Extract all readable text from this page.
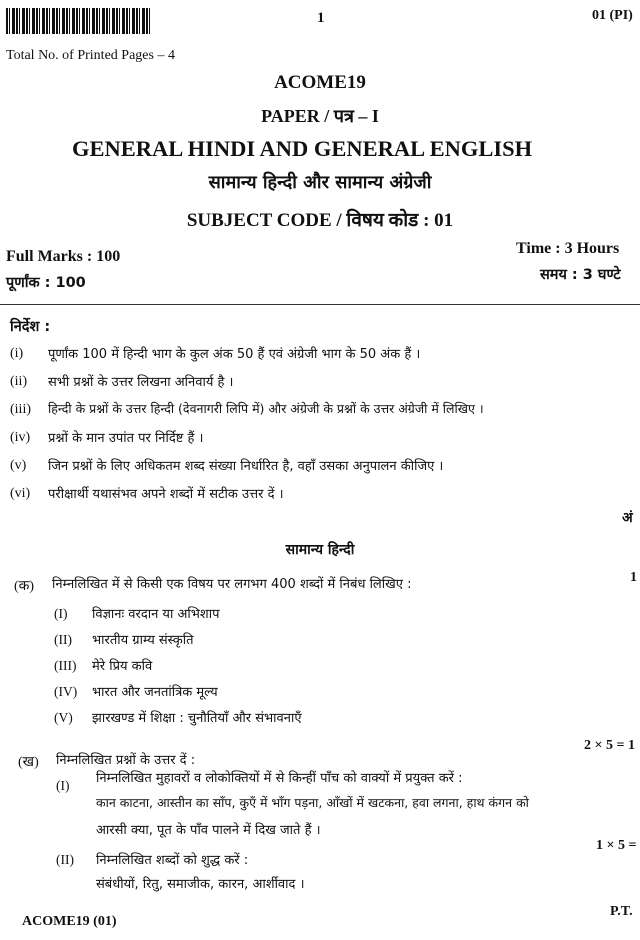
1	01 (PI)
Total No. of Printed Pages – 4
ACOME19
PAPER / पत्र – I
GENERAL HINDI AND GENERAL ENGLISH
सामान्य हिन्दी और सामान्य अंग्रेजी
SUBJECT CODE / विषय कोड : 01
Full Marks : 100
पूर्णांक : 100
Time : 3 Hours
समय : 3 घण्टे
निर्देश :
(i) पूर्णांक 100 में हिन्दी भाग के कुल अंक 50 हैं एवं अंग्रेजी भाग के 50 अंक हैं ।
(ii) सभी प्रश्नों के उत्तर लिखना अनिवार्य है ।
(iii) हिन्दी के प्रश्नों के उत्तर हिन्दी (देवनागरी लिपि में) और अंग्रेजी के प्रश्नों के उत्तर अंग्रेजी में लिखिए ।
(iv) प्रश्नों के मान उपांत पर निर्दिष्ट हैं ।
(v) जिन प्रश्नों के लिए अधिकतम शब्द संख्या निर्धारित है, वहाँ उसका अनुपालन कीजिए ।
(vi) परीक्षार्थी यथासंभव अपने शब्दों में सटीक उत्तर दें ।
अं
सामान्य हिन्दी
(क) निम्नलिखित में से किसी एक विषय पर लगभग 400 शब्दों में निबंध लिखिए :	1
(I) विज्ञानः वरदान या अभिशाप
(II) भारतीय ग्राम्य संस्कृति
(III) मेरे प्रिय कवि
(IV) भारत और जनतांत्रिक मूल्य
(V) झारखण्ड में शिक्षा : चुनौतियाँ और संभावनाएँ
(ख) निम्नलिखित प्रश्नों के उत्तर दें :
2 × 5 = 1
(I) निम्नलिखित मुहावरों व लोकोक्तियों में से किन्हीं पाँच को वाक्यों में प्रयुक्त करें :
कान काटना, आस्तीन का साँप, कुएँ में भाँग पड़ना, आँखों में खटकना, हवा लगना, हाथ कंगन को
आरसी क्या, पूत के पाँव पालने में दिख जाते हैं ।
(II) निम्नलिखित शब्दों को शुद्ध करें :
1 × 5 =
संबंधीयों, रितु, समाजीक, कारन, आर्शीवाद ।
ACOME19 (01)
P.T.
